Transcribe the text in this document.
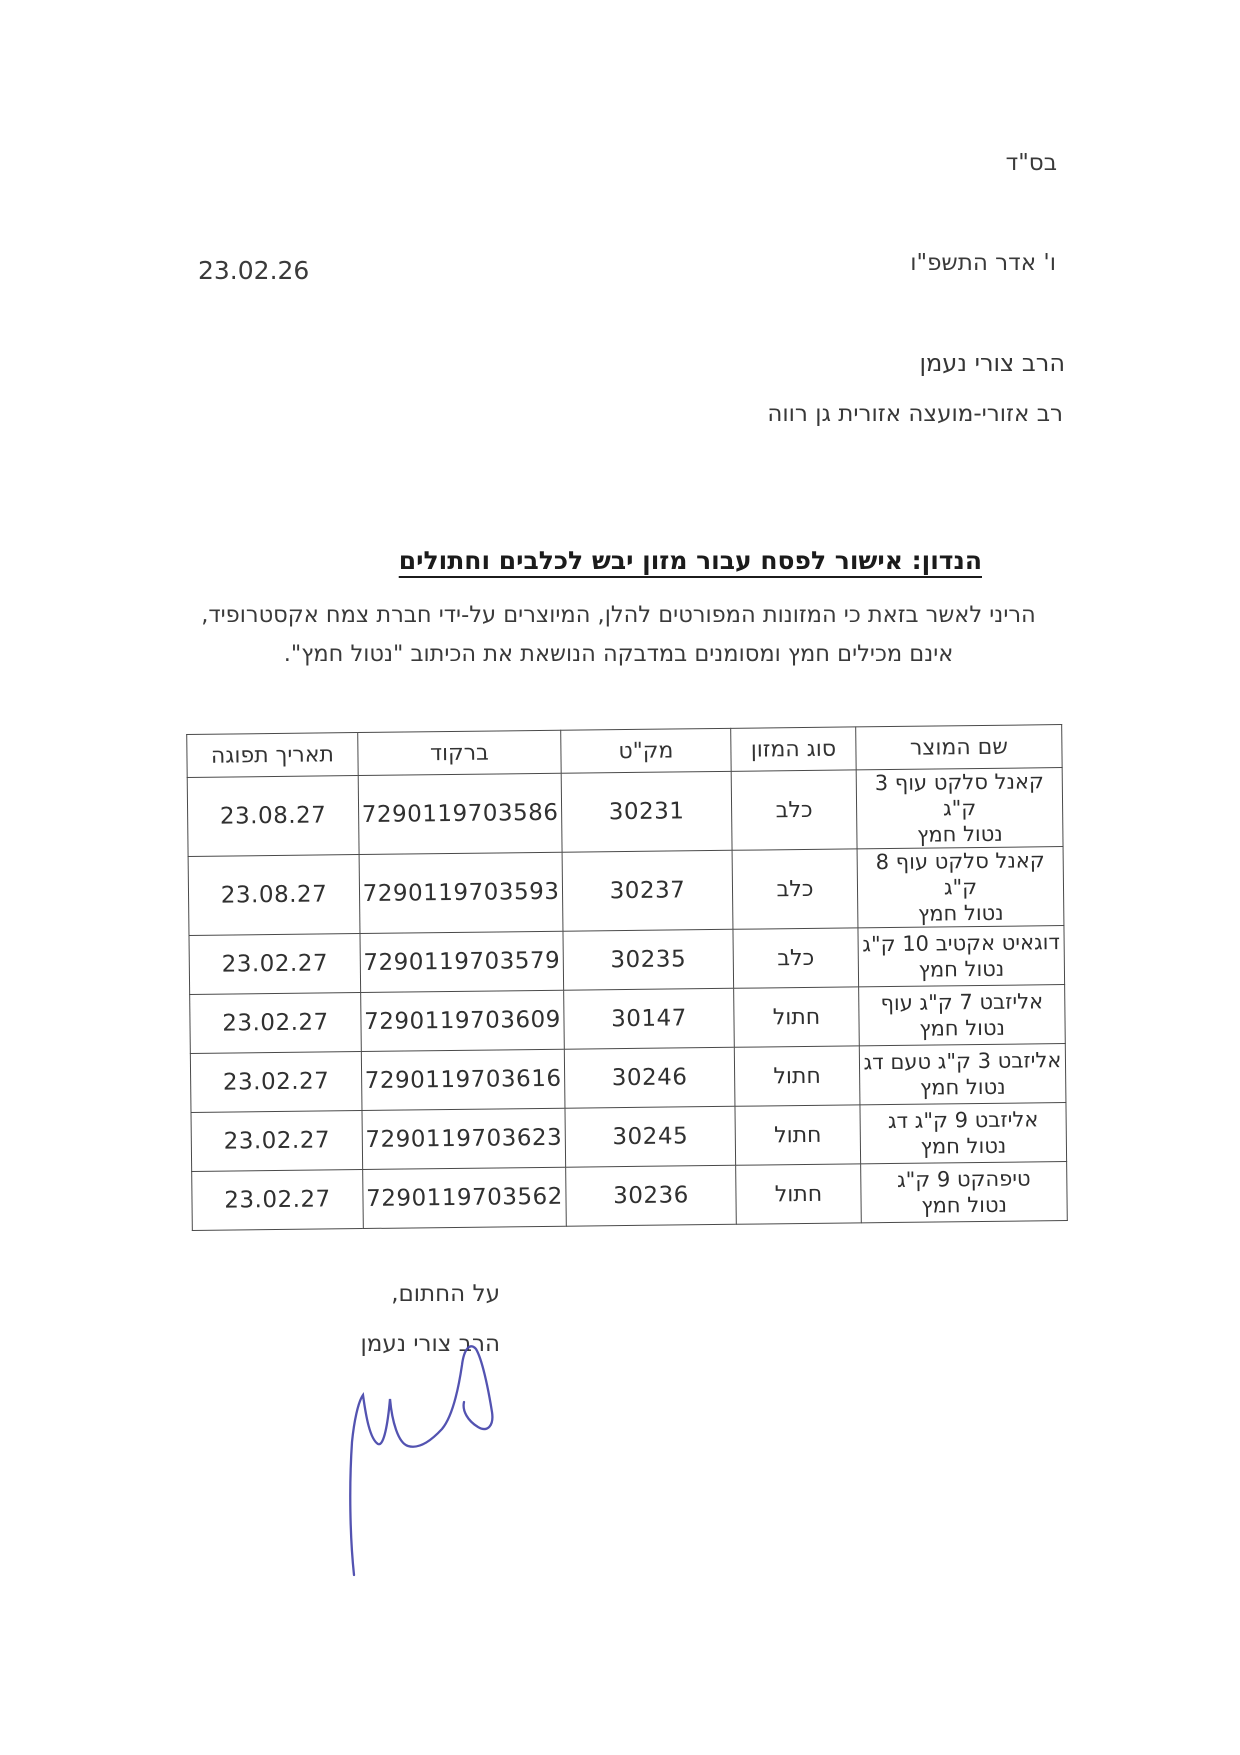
בס"ד
ו' אדר התשפ"ו
23.02.26
הרב צורי נעמן
רב אזורי-מועצה אזורית גן רווה
הנדון: אישור לפסח עבור מזון יבש לכלבים וחתולים
הריני לאשר בזאת כי המזונות המפורטים להלן, המיוצרים על-ידי חברת צמח אקסטרופיד,
אינם מכילים חמץ ומסומנים במדבקה הנושאת את הכיתוב "נטול חמץ".
שם המוצר	סוג המזון	מק"ט	ברקוד	תאריך תפוגה

קאנל סלקט עוף 3 ק"ג
נטול חמץ	כלב	30231	7290119703586	23.08.27

קאנל סלקט עוף 8 ק"ג
נטול חמץ	כלב	30237	7290119703593	23.08.27

דוגאיט אקטיב 10 ק"ג
נטול חמץ	כלב	30235	7290119703579	23.02.27

אליזבט 7 ק"ג עוף
נטול חמץ	חתול	30147	7290119703609	23.02.27

אליזבט 3 ק"ג טעם דג
נטול חמץ	חתול	30246	7290119703616	23.02.27

אליזבט 9 ק"ג דג
נטול חמץ	חתול	30245	7290119703623	23.02.27

טיפהקט 9 ק"ג
נטול חמץ	חתול	30236	7290119703562	23.02.27
על החתום,
הרב צורי נעמן
